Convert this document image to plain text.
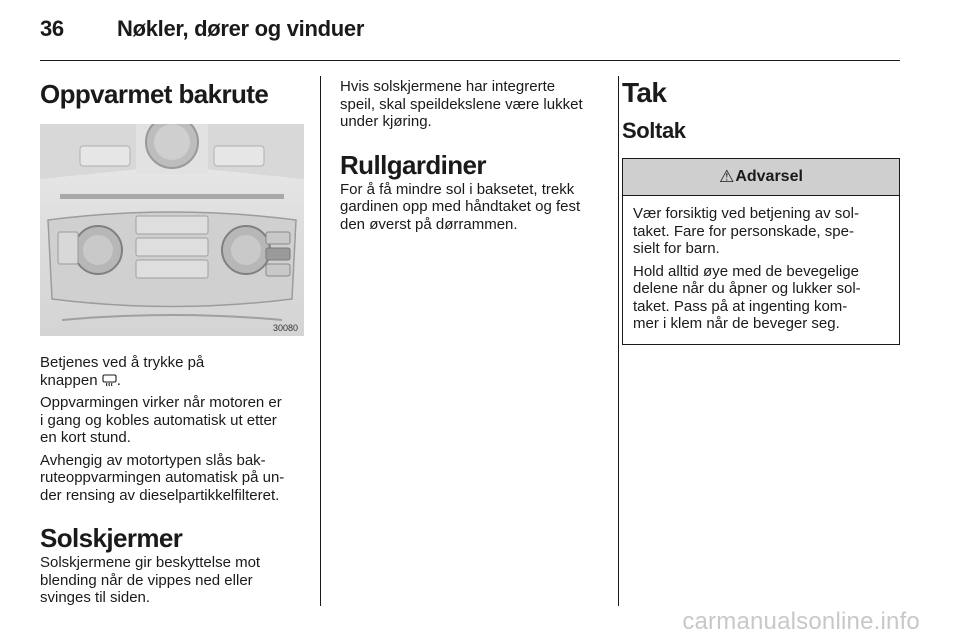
36 Nøkler, dører og vinduer
Oppvarmet bakrute
30080
Betjenes ved å trykke på
knappen .
Oppvarmingen virker når motoren er
i gang og kobles automatisk ut etter
en kort stund.
Avhengig av motortypen slås bak-
ruteoppvarmingen automatisk på un-
der rensing av dieselpartikkelfilteret.
Solskjermer
Solskjermene gir beskyttelse mot
blending når de vippes ned eller
svinges til siden.
Hvis solskjermene har integrerte
speil, skal speildekslene være lukket
under kjøring.
Rullgardiner
For å få mindre sol i baksetet, trekk
gardinen opp med håndtaket og fest
den øverst på dørrammen.
Tak
Soltak
⚠ Advarsel
Vær forsiktig ved betjening av sol-
taket. Fare for personskade, spe-
sielt for barn.
Hold alltid øye med de bevegelige
delene når du åpner og lukker sol-
taket. Pass på at ingenting kom-
mer i klem når de beveger seg.
carmanualsonline.info
